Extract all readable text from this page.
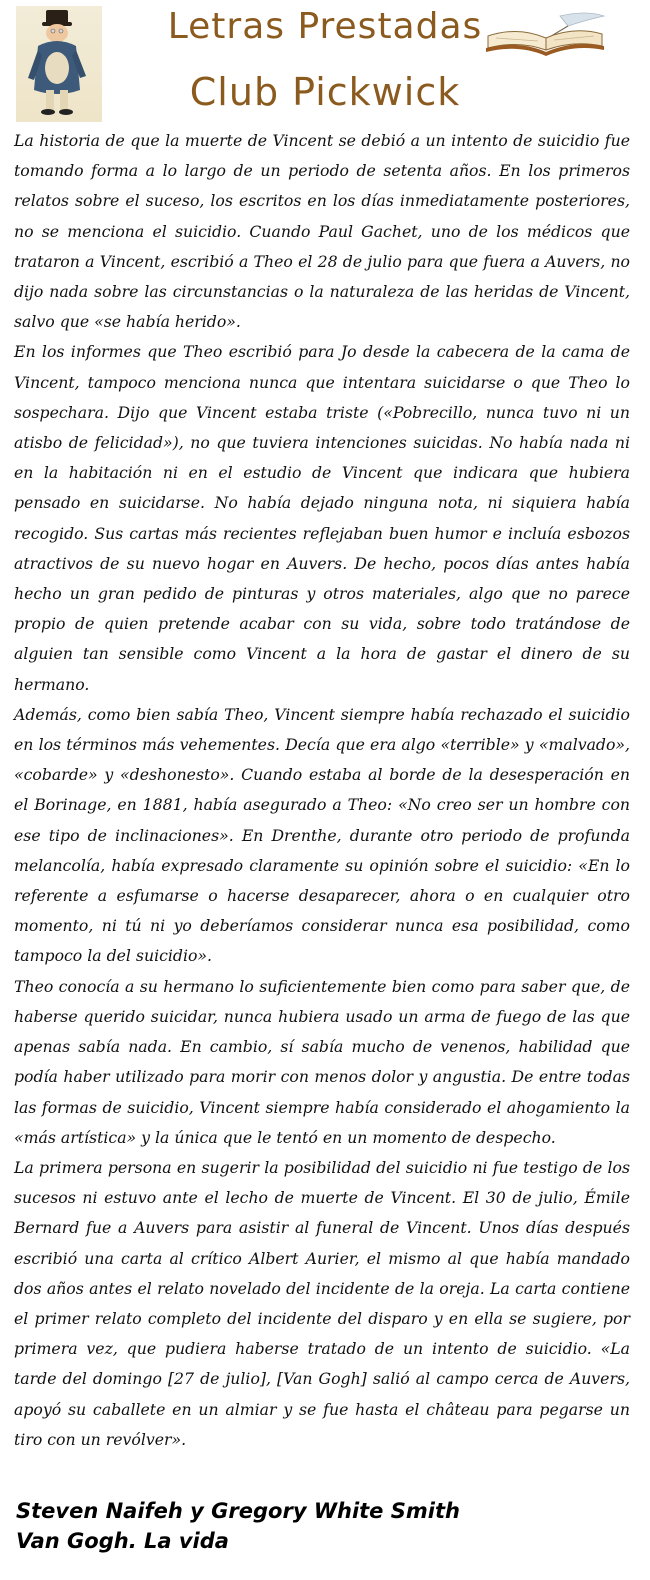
Letras Prestadas
Club Pickwick

La historia de que la muerte de Vincent se debió a un intento de suicidio fue tomando forma a lo largo de un periodo de setenta años. En los primeros relatos sobre el suceso, los escritos en los días inmediatamente posteriores, no se menciona el suicidio. Cuando Paul Gachet, uno de los médicos que trataron a Vincent, escribió a Theo el 28 de julio para que fuera a Auvers, no dijo nada sobre las circunstancias o la naturaleza de las heridas de Vincent, salvo que «se había herido».

En los informes que Theo escribió para Jo desde la cabecera de la cama de Vincent, tampoco menciona nunca que intentara suicidarse o que Theo lo sospechara. Dijo que Vincent estaba triste («Pobrecillo, nunca tuvo ni un atisbo de felicidad»), no que tuviera intenciones suicidas. No había nada ni en la habitación ni en el estudio de Vincent que indicara que hubiera pensado en suicidarse. No había dejado ninguna nota, ni siquiera había recogido. Sus cartas más recientes reflejaban buen humor e incluía esbozos atractivos de su nuevo hogar en Auvers. De hecho, pocos días antes había hecho un gran pedido de pinturas y otros materiales, algo que no parece propio de quien pretende acabar con su vida, sobre todo tratándose de alguien tan sensible como Vincent a la hora de gastar el dinero de su hermano.

Además, como bien sabía Theo, Vincent siempre había rechazado el suicidio en los términos más vehementes. Decía que era algo «terrible» y «malvado», «cobarde» y «deshonesto». Cuando estaba al borde de la desesperación en el Borinage, en 1881, había asegurado a Theo: «No creo ser un hombre con ese tipo de inclinaciones». En Drenthe, durante otro periodo de profunda melancolía, había expresado claramente su opinión sobre el suicidio: «En lo referente a esfumarse o hacerse desaparecer, ahora o en cualquier otro momento, ni tú ni yo deberíamos considerar nunca esa posibilidad, como tampoco la del suicidio».

Theo conocía a su hermano lo suficientemente bien como para saber que, de haberse querido suicidar, nunca hubiera usado un arma de fuego de las que apenas sabía nada. En cambio, sí sabía mucho de venenos, habilidad que podía haber utilizado para morir con menos dolor y angustia. De entre todas las formas de suicidio, Vincent siempre había considerado el ahogamiento la «más artística» y la única que le tentó en un momento de despecho.

La primera persona en sugerir la posibilidad del suicidio ni fue testigo de los sucesos ni estuvo ante el lecho de muerte de Vincent. El 30 de julio, Émile Bernard fue a Auvers para asistir al funeral de Vincent. Unos días después escribió una carta al crítico Albert Aurier, el mismo al que había mandado dos años antes el relato novelado del incidente de la oreja. La carta contiene el primer relato completo del incidente del disparo y en ella se sugiere, por primera vez, que pudiera haberse tratado de un intento de suicidio. «La tarde del domingo [27 de julio], [Van Gogh] salió al campo cerca de Auvers, apoyó su caballete en un almiar y se fue hasta el château para pegarse un tiro con un revólver».

Steven Naifeh y Gregory White Smith
Van Gogh. La vida
